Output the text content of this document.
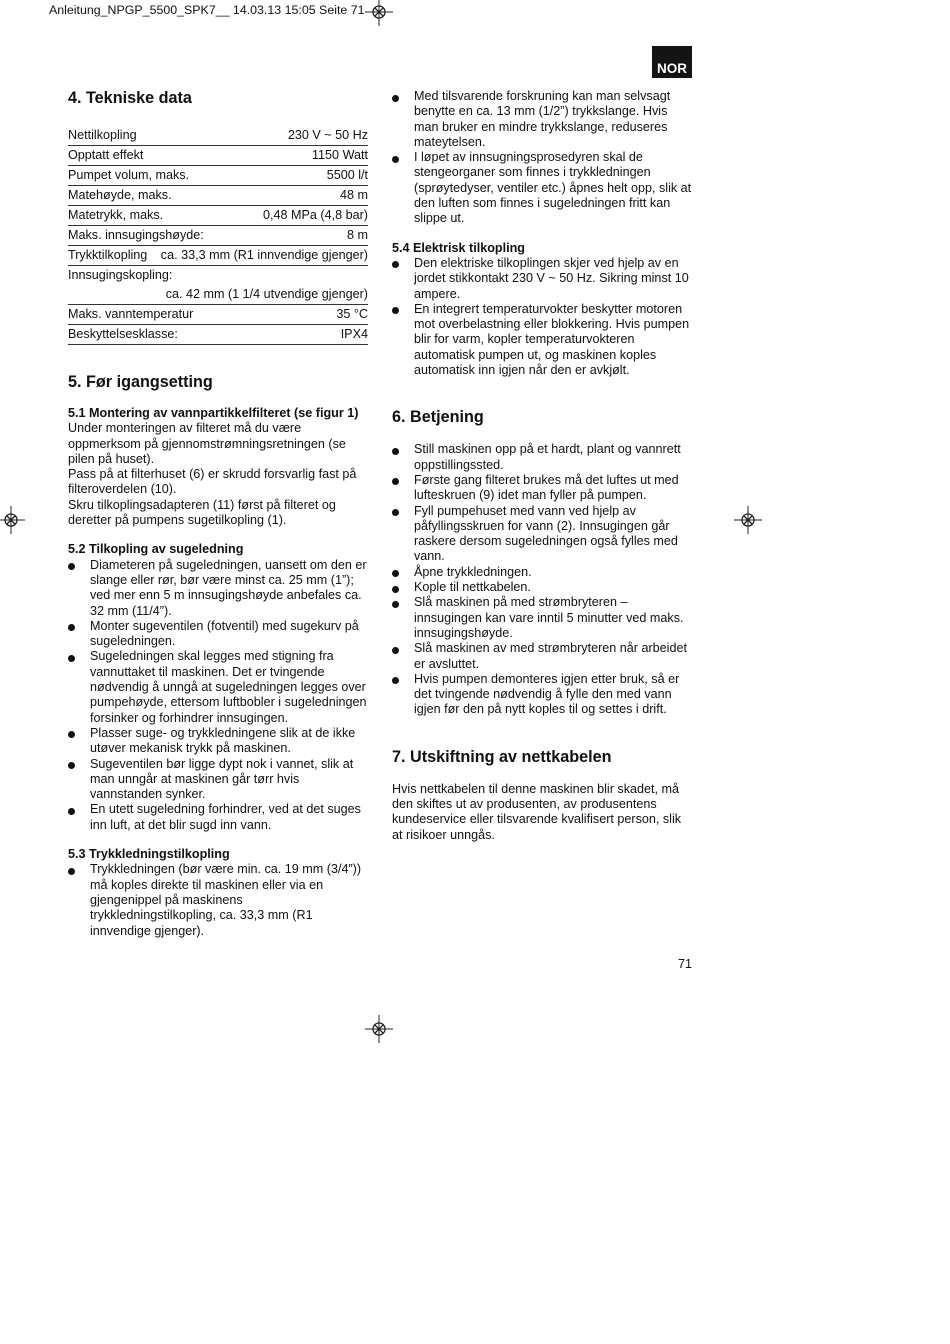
Anleitung_NPGP_5500_SPK7__ 14.03.13 15:05 Seite 71
NOR
4. Tekniske data
Nettilkopling	230 V ~ 50 Hz
Opptatt effekt	1150 Watt
Pumpet volum, maks.	5500 l/t
Matehøyde, maks.	48 m
Matetrykk, maks.	0,48 MPa (4,8 bar)
Maks. innsugingshøyde:	8 m
Trykktilkopling ca. 33,3 mm (R1 innvendige gjenger)
Innsugingskopling:
ca. 42 mm (1 1/4 utvendige gjenger)
Maks. vanntemperatur	35 °C
Beskyttelsesklasse:	IPX4
5. Før igangsetting
5.1 Montering av vannpartikkelfilteret (se figur 1)

Under monteringen av filteret må du være oppmerksom på gjennomstrømningsretningen (se pilen på huset).

Pass på at filterhuset (6) er skrudd forsvarlig fast på filteroverdelen (10).

Skru tilkoplingsadapteren (11) først på filteret og deretter på pumpens sugetilkopling (1).

5.2 Tilkopling av sugeledning
Diameteren på sugeledningen, uansett om den er slange eller rør, bør være minst ca. 25 mm (1”); ved mer enn 5 m innsugingshøyde anbefales ca. 32 mm (11/4”).
Monter sugeventilen (fotventil) med sugekurv på sugeledningen.
Sugeledningen skal legges med stigning fra vannuttaket til maskinen. Det er tvingende nødvendig å unngå at sugeledningen legges over pumpehøyde, ettersom luftbobler i sugeledningen forsinker og forhindrer innsugingen.
Plasser suge- og trykkledningene slik at de ikke utøver mekanisk trykk på maskinen.
Sugeventilen bør ligge dypt nok i vannet, slik at man unngår at maskinen går tørr hvis vannstanden synker.
En utett sugeledning forhindrer, ved at det suges inn luft, at det blir sugd inn vann.
5.3 Trykkledningstilkopling
Trykkledningen (bør være min. ca. 19 mm (3/4”)) må koples direkte til maskinen eller via en gjengenippel på maskinens trykkledningstilkopling, ca. 33,3 mm (R1 innvendige gjenger).
Med tilsvarende forskruning kan man selvsagt benytte en ca. 13 mm (1/2”) trykkslange. Hvis man bruker en mindre trykkslange, reduseres mateytelsen.
I løpet av innsugningsprosedyren skal de stengeorganer som finnes i trykkledningen (sprøytedyser, ventiler etc.) åpnes helt opp, slik at den luften som finnes i sugeledningen fritt kan slippe ut.
5.4 Elektrisk tilkopling
Den elektriske tilkoplingen skjer ved hjelp av en jordet stikkontakt 230 V ~ 50 Hz. Sikring minst 10 ampere.
En integrert temperaturvokter beskytter motoren mot overbelastning eller blokkering. Hvis pumpen blir for varm, kopler temperaturvokteren automatisk pumpen ut, og maskinen koples automatisk inn igjen når den er avkjølt.
6. Betjening
Still maskinen opp på et hardt, plant og vannrett oppstillingssted.
Første gang filteret brukes må det luftes ut med lufteskruen (9) idet man fyller på pumpen.
Fyll pumpehuset med vann ved hjelp av påfyllingsskruen for vann (2). Innsugingen går raskere dersom sugeledningen også fylles med vann.
Åpne trykkledningen.
Kople til nettkabelen.
Slå maskinen på med strømbryteren – innsugingen kan vare inntil 5 minutter ved maks. innsugingshøyde.
Slå maskinen av med strømbryteren når arbeidet er avsluttet.
Hvis pumpen demonteres igjen etter bruk, så er det tvingende nødvendig å fylle den med vann igjen før den på nytt koples til og settes i drift.
7. Utskiftning av nettkabelen

Hvis nettkabelen til denne maskinen blir skadet, må den skiftes ut av produsenten, av produsentens kundeservice eller tilsvarende kvalifisert person, slik at risikoer unngås.

71
